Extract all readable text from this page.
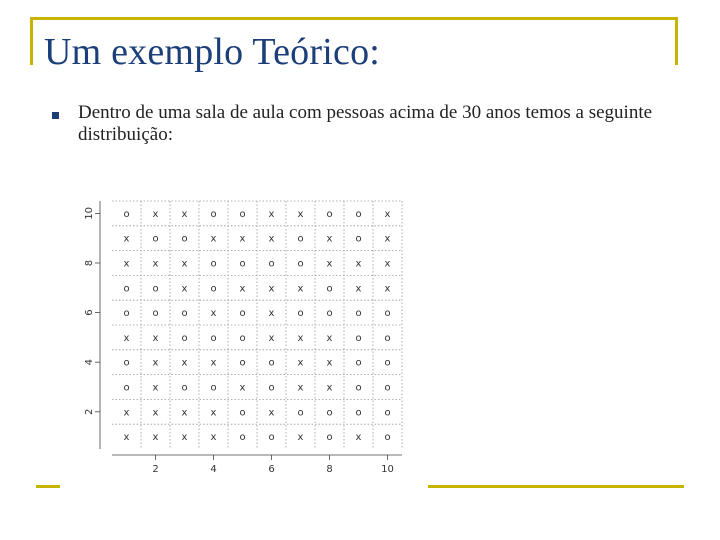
Um exemplo Teórico:
Dentro de uma sala de aula com pessoas acima de 30 anos temos a seguinte distribuição:
2	4	6	8	10
2
4
6
8
10	o x x o o x x o o x
x o o x x x o x o x
x x x o o o o x x x
o o x o x x x o x x
o o o x o x o o o o
x x o o o x x x o o
o x x x o o x x o o
o x o o x o x x o o
x x x x o x o o o o
x x x x o o x o x o
